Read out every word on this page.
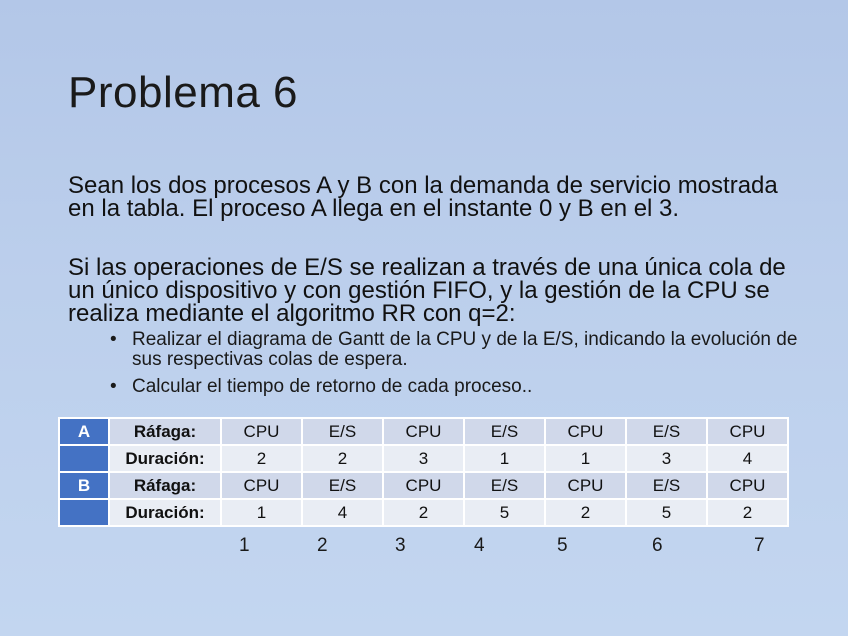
Problema 6
Sean los dos procesos A y B con la demanda de servicio mostrada en la tabla. El proceso A llega en el instante 0 y B en el 3.
Si las operaciones de E/S se realizan a través de una única cola de un único dispositivo y con gestión FIFO, y la gestión de la CPU se realiza mediante el algoritmo RR con q=2:
• Realizar el diagrama de Gantt de la CPU y de la E/S, indicando la evolución de sus respectivas colas de espera.
• Calcular el tiempo de retorno de cada proceso..
A	Ráfaga:	CPU	E/S	CPU	E/S	CPU	E/S	CPU
	Duración:	2	2	3	1	1	3	4
B	Ráfaga:	CPU	E/S	CPU	E/S	CPU	E/S	CPU
	Duración:	1	4	2	5	2	5	2
1	2	3	4	5	6	7
